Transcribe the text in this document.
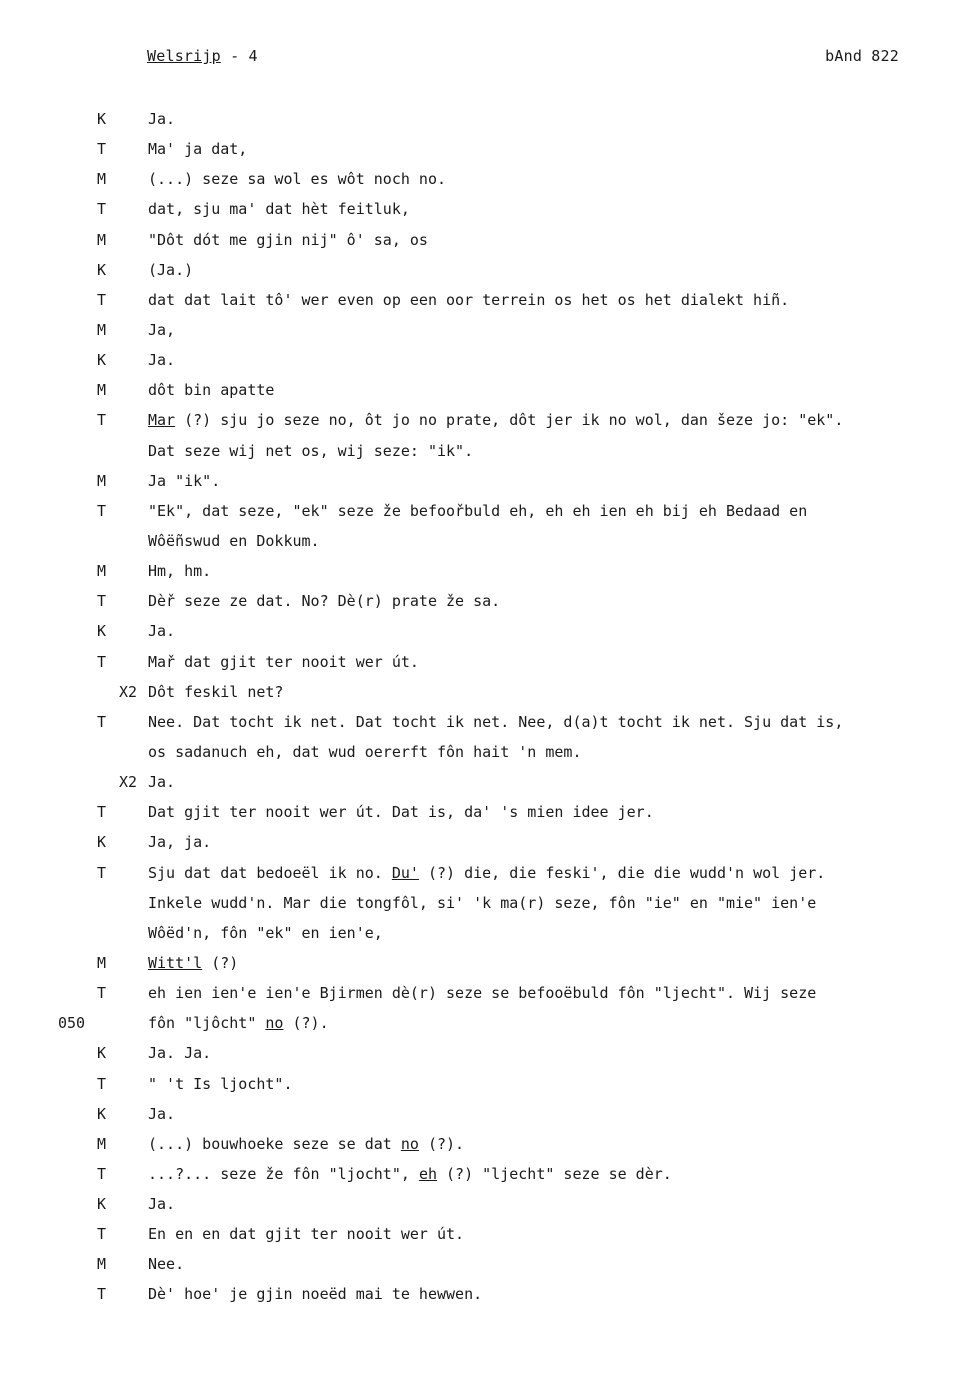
Welsrijp - 4	bAnd 822
K	Ja.
T	Ma' ja dat,
M	(...) seze sa wol es wôt noch no.
T	dat, sju ma' dat hèt feitluk,
M	"Dôt dót me gjin nij" ô' sa, os
K	(Ja.)
T	dat dat lait tô' wer even op een oor terrein os het os het dialekt hiñ.
M	Ja,
K	Ja.
M	dôt bin apatte
T	Mar (?) sju jo seze no, ôt jo no prate, dôt jer ik no wol, dan šeze jo: "ek".
Dat seze wij net os, wij seze: "ik".
M	Ja "ik".
T	"Ek", dat seze, "ek" seze že befoořbuld eh, eh eh ien eh bij eh Bedaad en
Wôëñswud en Dokkum.
M	Hm, hm.
T	Dèř seze ze dat. No? Dè(r) prate že sa.
K	Ja.
T	Mař dat gjit ter nooit wer út.
X2 Dôt feskil net?
T	Nee. Dat tocht ik net. Dat tocht ik net. Nee, d(a)t tocht ik net. Sju dat is,
os sadanuch eh, dat wud oererft fôn hait 'n mem.
X2 Ja.
T	Dat gjit ter nooit wer út. Dat is, da' 's mien idee jer.
K	Ja, ja.
T	Sju dat dat bedoeël ik no. Du' (?) die, die feski', die die wudd'n wol jer.
Inkele wudd'n. Mar die tongfôl, si' 'k ma(r) seze, fôn "ie" en "mie" ien'e
Wôëd'n, fôn "ek" en ien'e,
M	Witt'l (?)
T	eh ien ien'e ien'e Bjirmen dè(r) seze se befooëbuld fôn "ljecht". Wij seze
050	fôn "ljôcht" no (?).
K	Ja. Ja.
T	" 't Is ljocht".
K	Ja.
M	(...) bouwhoeke seze se dat no (?).
T	...?... seze že fôn "ljocht", eh (?) "ljecht" seze se dèr.
K	Ja.
T	En en en dat gjit ter nooit wer út.
M	Nee.
T	Dè' hoe' je gjin noeëd mai te hewwen.
